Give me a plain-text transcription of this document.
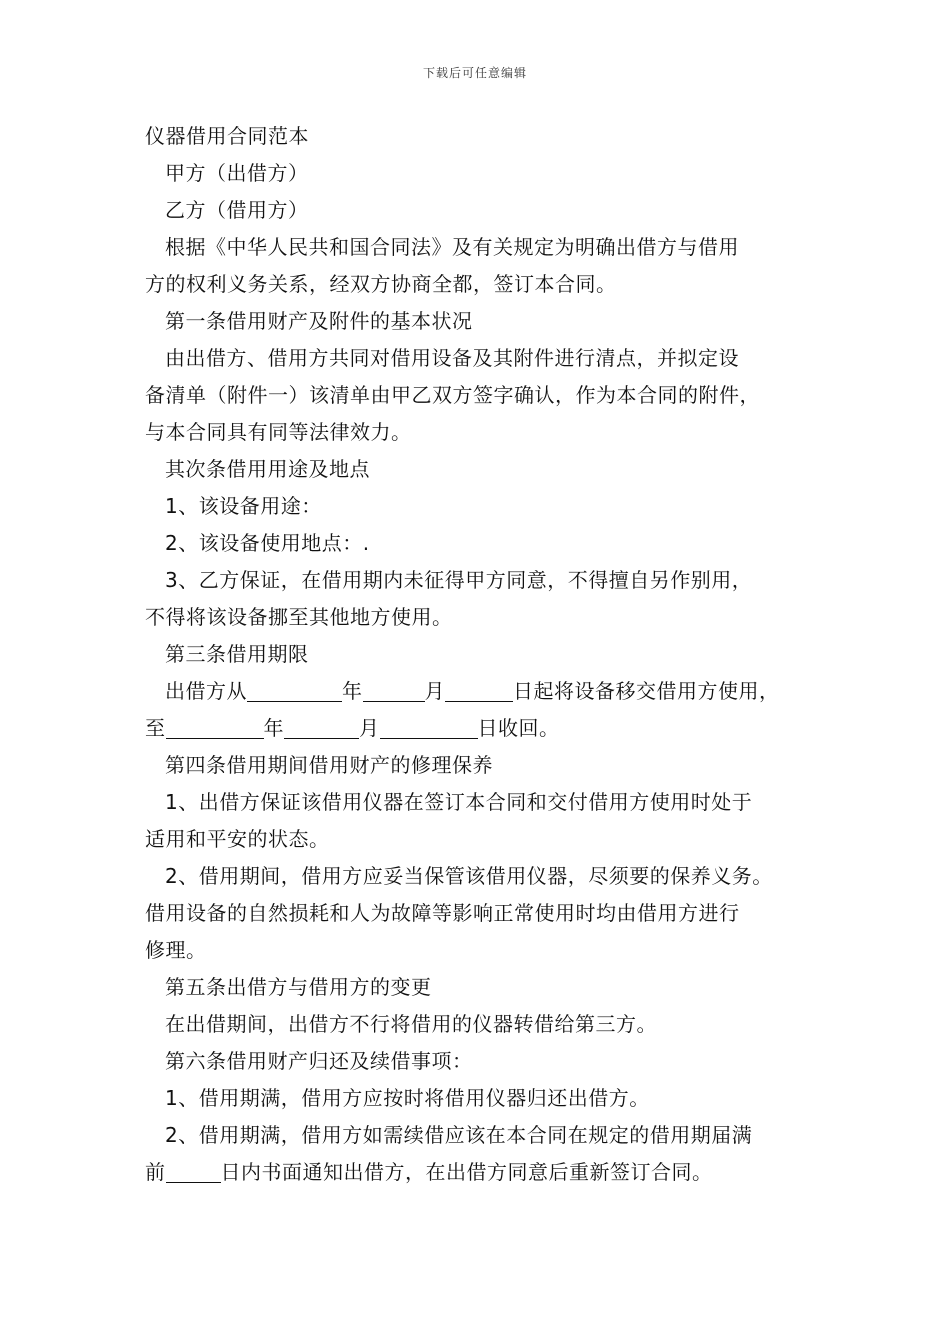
下载后可任意编辑
仪器借用合同范本
甲方（出借方）
乙方（借用方）
根据《中华人民共和国合同法》及有关规定为明确出借方与借用
方的权利义务关系，经双方协商全都，签订本合同。
第一条借用财产及附件的基本状况
由出借方、借用方共同对借用设备及其附件进行清点，并拟定设
备清单（附件一）该清单由甲乙双方签字确认，作为本合同的附件，
与本合同具有同等法律效力。
其次条借用用途及地点
1、该设备用途：
2、该设备使用地点：.
3、乙方保证，在借用期内未征得甲方同意，不得擅自另作别用，
不得将该设备挪至其他地方使用。
第三条借用期限
出借方从	年	月	日起将设备移交借用方使用，
至	年	月	日收回。
第四条借用期间借用财产的修理保养
1、出借方保证该借用仪器在签订本合同和交付借用方使用时处于
适用和平安的状态。
2、借用期间，借用方应妥当保管该借用仪器，尽须要的保养义务。
借用设备的自然损耗和人为故障等影响正常使用时均由借用方进行
修理。
第五条出借方与借用方的变更
在出借期间，出借方不行将借用的仪器转借给第三方。
第六条借用财产归还及续借事项：
1、借用期满，借用方应按时将借用仪器归还出借方。
2、借用期满，借用方如需续借应该在本合同在规定的借用期届满
前	日内书面通知出借方，在出借方同意后重新签订合同。
